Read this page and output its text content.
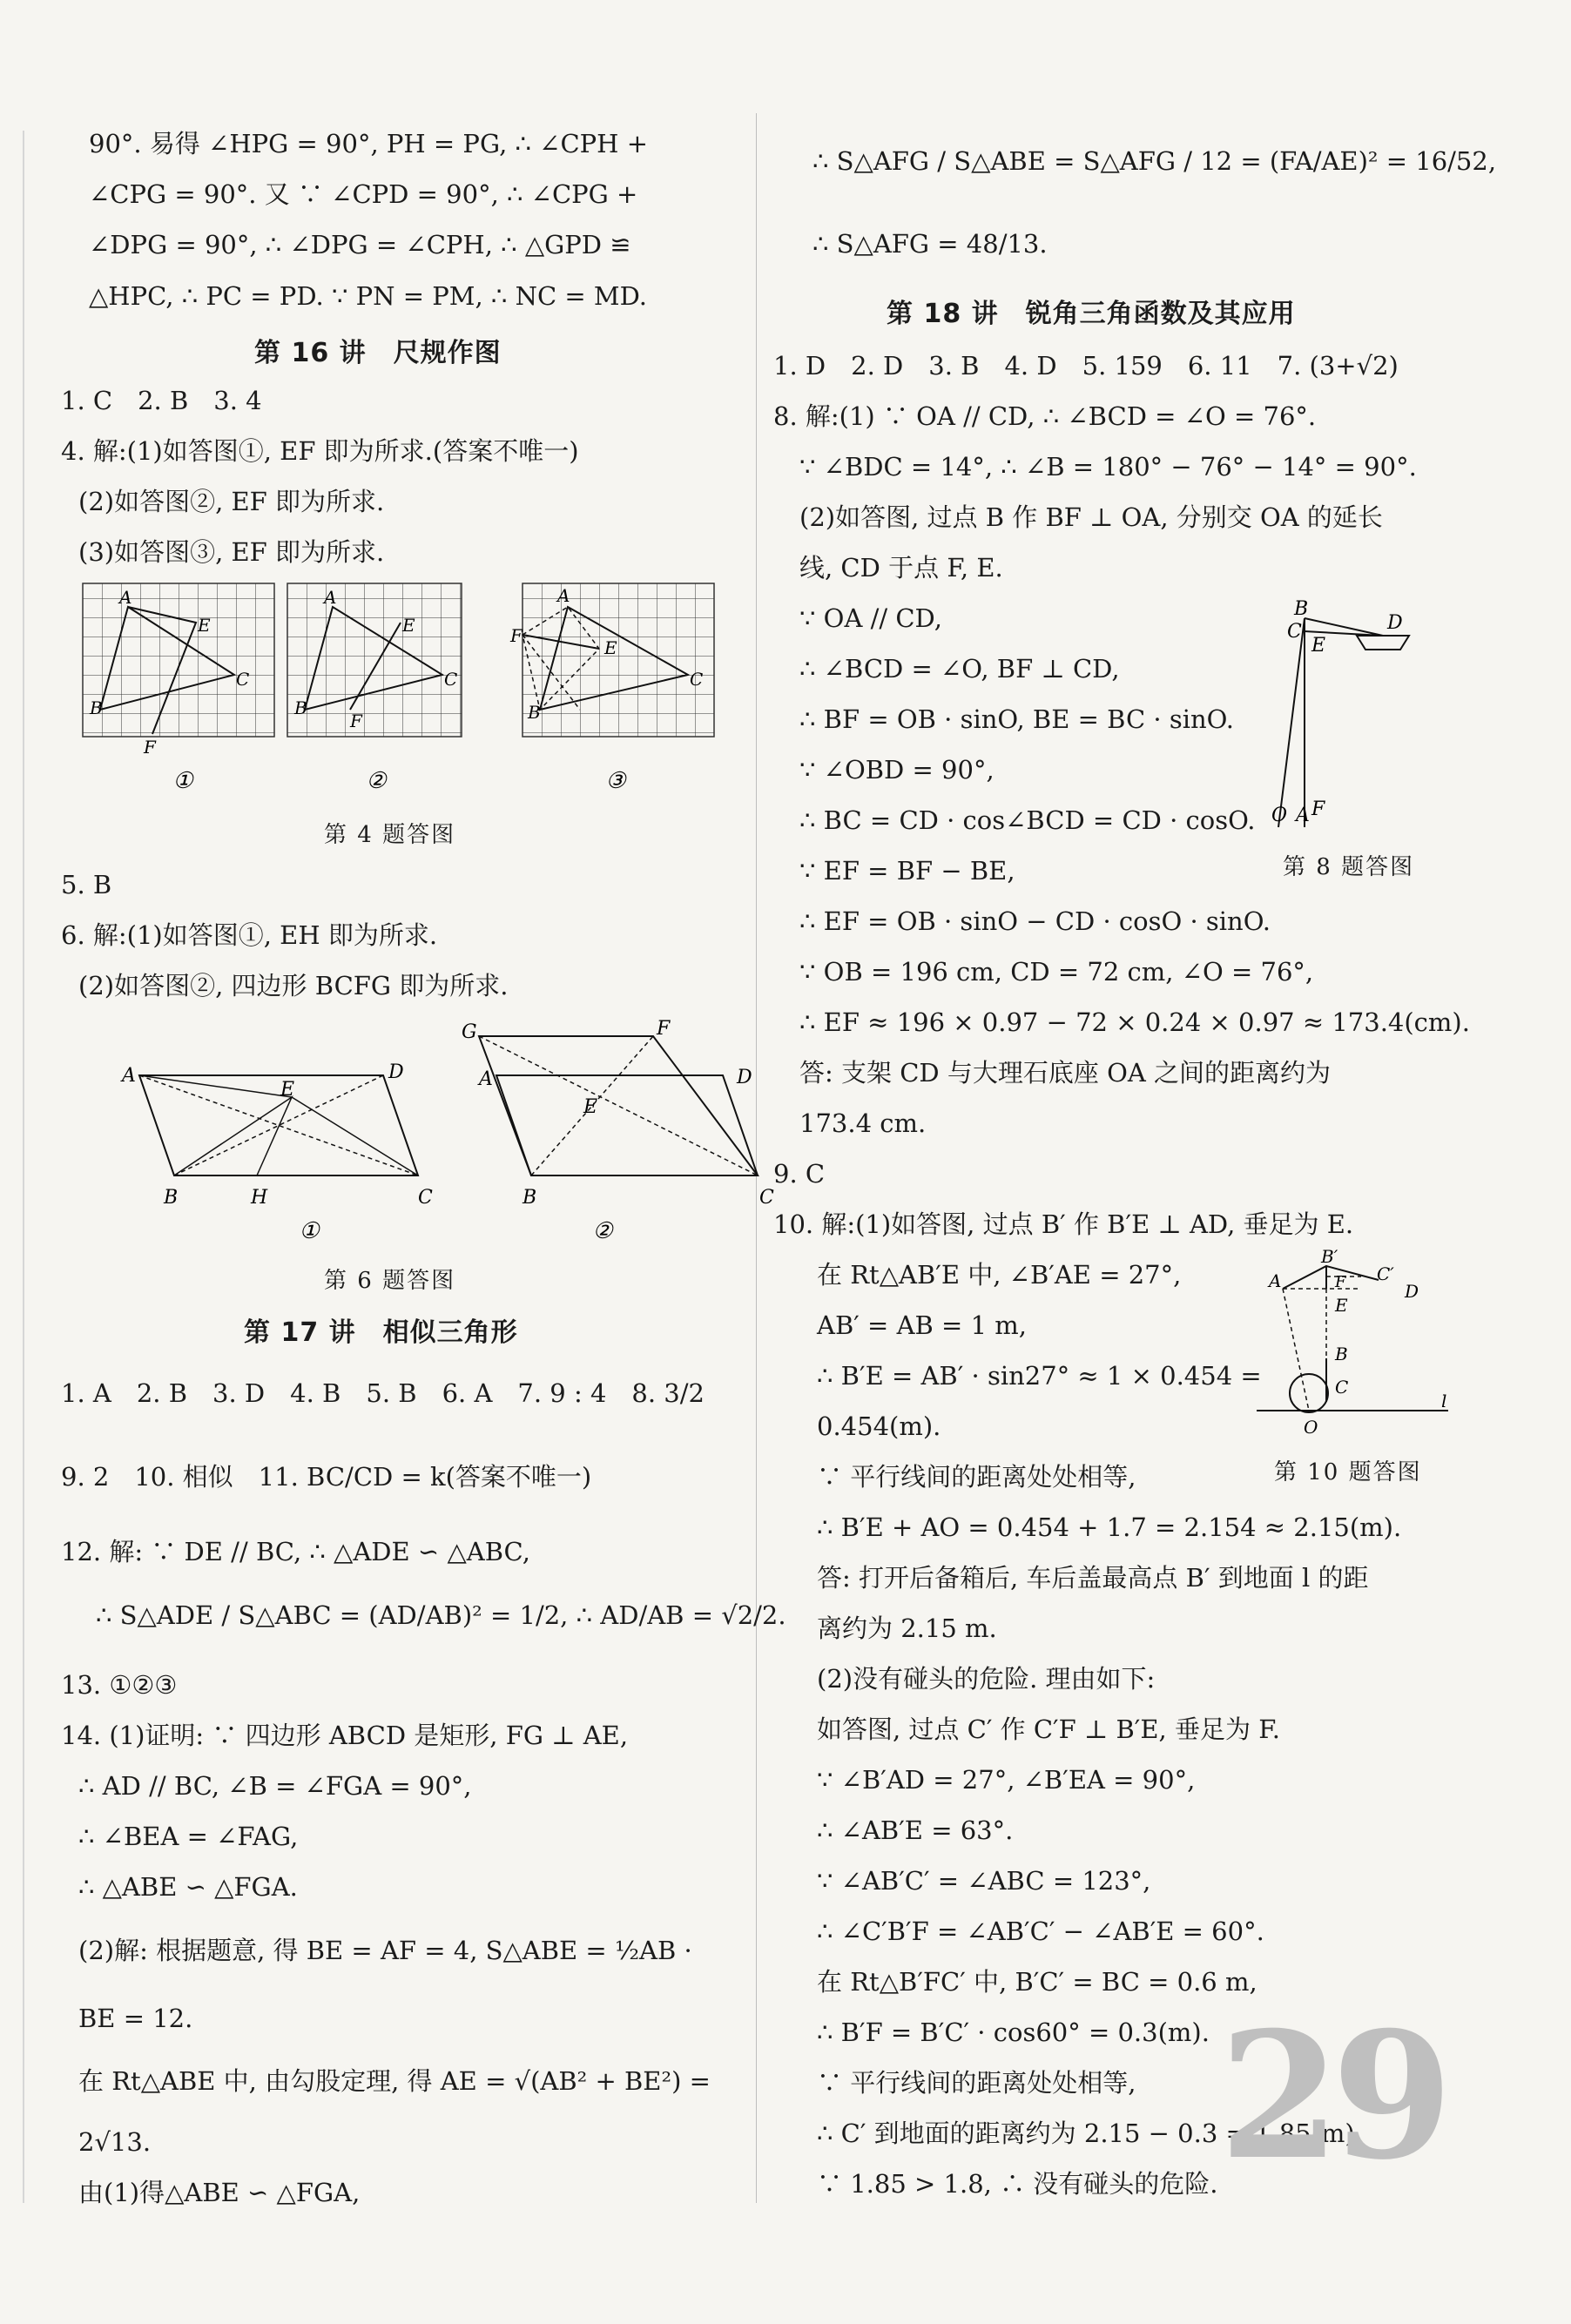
90°. 易得 ∠HPG = 90°, PH = PG, ∴ ∠CPH +
∠CPG = 90°. 又 ∵ ∠CPD = 90°, ∴ ∠CPG +
∠DPG = 90°, ∴ ∠DPG = ∠CPH, ∴ △GPD ≌
△HPC, ∴ PC = PD. ∵ PN = PM, ∴ NC = MD.
第 16 讲　尺规作图
1. C　2. B　3. 4
4. 解:(1)如答图①, EF 即为所求.(答案不唯一)
(2)如答图②, EF 即为所求.
(3)如答图③, EF 即为所求.
A
B
C
E
F
A
B
C
E
F
A
B
C
E
F
①	②	③
第 4 题答图
5. B
6. 解:(1)如答图①, EH 即为所求.
(2)如答图②, 四边形 BCFG 即为所求.
A	D
B	C
E
H
G	F
A	D
B	C
E
①	②
第 6 题答图
第 17 讲　相似三角形
1. A　2. B　3. D　4. B　5. B　6. A　7. 9 : 4　8. 3/2
9. 2　10. 相似　11. BC/CD = k(答案不唯一)
12. 解: ∵ DE // BC, ∴ △ADE ∽ △ABC,
∴ S△ADE / S△ABC = (AD/AB)² = 1/2, ∴ AD/AB = √2/2.
13. ①②③
14. (1)证明: ∵ 四边形 ABCD 是矩形, FG ⊥ AE,
∴ AD // BC, ∠B = ∠FGA = 90°,
∴ ∠BEA = ∠FAG,
∴ △ABE ∽ △FGA.
(2)解: 根据题意, 得 BE = AF = 4, S△ABE = ½AB ·
BE = 12.
在 Rt△ABE 中, 由勾股定理, 得 AE = √(AB² + BE²) =
2√13.
由(1)得△ABE ∽ △FGA,
∴ S△AFG / S△ABE = S△AFG / 12 = (FA/AE)² = 16/52,
∴ S△AFG = 48/13.
第 18 讲　锐角三角函数及其应用
1. D　2. D　3. B　4. D　5. 159　6. 11　7. (3+√2)
8. 解:(1) ∵ OA // CD, ∴ ∠BCD = ∠O = 76°.
∵ ∠BDC = 14°, ∴ ∠B = 180° − 76° − 14° = 90°.
(2)如答图, 过点 B 作 BF ⊥ OA, 分别交 OA 的延长
线, CD 于点 F, E.
∵ OA // CD,
∴ ∠BCD = ∠O, BF ⊥ CD,
∴ BF = OB · sinO, BE = BC · sinO.
∵ ∠OBD = 90°,
∴ BC = CD · cos∠BCD = CD · cosO.
∵ EF = BF − BE,
∴ EF = OB · sinO − CD · cosO · sinO.
∵ OB = 196 cm, CD = 72 cm, ∠O = 76°,
∴ EF ≈ 196 × 0.97 − 72 × 0.24 × 0.97 ≈ 173.4(cm).
答: 支架 CD 与大理石底座 OA 之间的距离约为
173.4 cm.
B
C
E
D
O A F
第 8 题答图
9. C
10. 解:(1)如答图, 过点 B′ 作 B′E ⊥ AD, 垂足为 E.
在 Rt△AB′E 中, ∠B′AE = 27°,
AB′ = AB = 1 m,
∴ B′E = AB′ · sin27° ≈ 1 × 0.454 =
0.454(m).
∵ 平行线间的距离处处相等,
∴ B′E + AO = 0.454 + 1.7 = 2.154 ≈ 2.15(m).
答: 打开后备箱后, 车后盖最高点 B′ 到地面 l 的距
离约为 2.15 m.
(2)没有碰头的危险. 理由如下:
如答图, 过点 C′ 作 C′F ⊥ B′E, 垂足为 F.
∵ ∠B′AD = 27°, ∠B′EA = 90°,
∴ ∠AB′E = 63°.
∵ ∠AB′C′ = ∠ABC = 123°,
∴ ∠C′B′F = ∠AB′C′ − ∠AB′E = 60°.
在 Rt△B′FC′ 中, B′C′ = BC = 0.6 m,
∴ B′F = B′C′ · cos60° = 0.3(m).
∵ 平行线间的距离处处相等,
∴ C′ 到地面的距离约为 2.15 − 0.3 = 1.85(m).
∵ 1.85 > 1.8, ∴ 没有碰头的危险.
A
B′
C′
D
F
E
B
C
O
l
第 10 题答图
29
